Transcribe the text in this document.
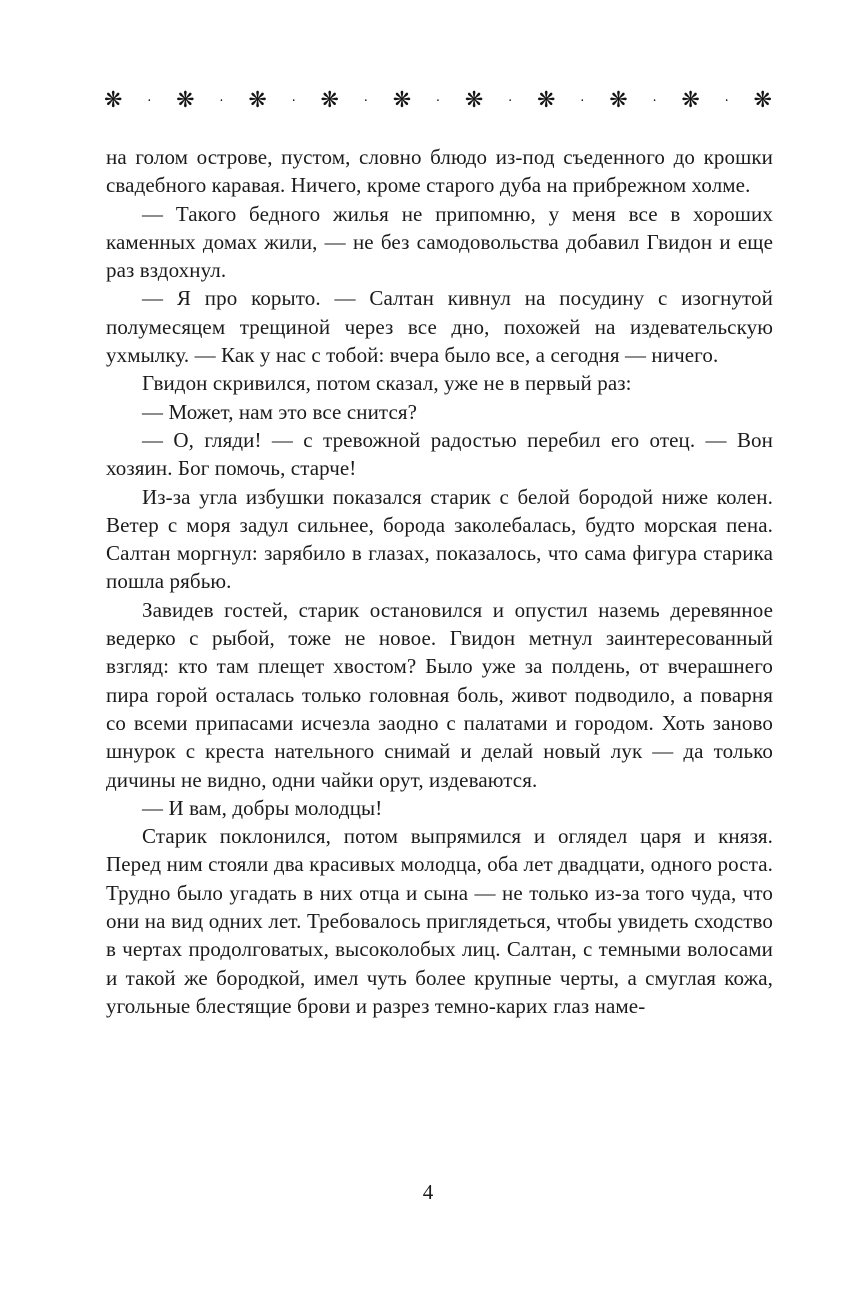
❋ · ❋ · ❋ · ❋ · ❋ · ❋ · ❋ · ❋ · ❋ · ❋

на голом острове, пустом, словно блюдо из-под съеденного до крошки свадебного каравая. Ничего, кроме старого дуба на прибрежном холме.

— Такого бедного жилья не припомню, у меня все в хороших каменных домах жили, — не без самодовольства добавил Гвидон и еще раз вздохнул.

— Я про корыто. — Салтан кивнул на посудину с изогнутой полумесяцем трещиной через все дно, похожей на издевательскую ухмылку. — Как у нас с тобой: вчера было все, а сегодня — ничего.

Гвидон скривился, потом сказал, уже не в первый раз:

— Может, нам это все снится?

— О, гляди! — с тревожной радостью перебил его отец. — Вон хозяин. Бог помочь, старче!

Из-за угла избушки показался старик с белой бородой ниже колен. Ветер с моря задул сильнее, борода заколебалась, будто морская пена. Салтан моргнул: зарябило в глазах, показалось, что сама фигура старика пошла рябью.

Завидев гостей, старик остановился и опустил наземь деревянное ведерко с рыбой, тоже не новое. Гвидон метнул заинтересованный взгляд: кто там плещет хвостом? Было уже за полдень, от вчерашнего пира горой осталась только головная боль, живот подводило, а поварня со всеми припасами исчезла заодно с палатами и городом. Хоть заново шнурок с креста нательного снимай и делай новый лук — да только дичины не видно, одни чайки орут, издеваются.

— И вам, добры молодцы!

Старик поклонился, потом выпрямился и оглядел царя и князя. Перед ним стояли два красивых молодца, оба лет двадцати, одного роста. Трудно было угадать в них отца и сына — не только из-за того чуда, что они на вид одних лет. Требовалось приглядеться, чтобы увидеть сходство в чертах продолговатых, высоколобых лиц. Салтан, с темными волосами и такой же бородкой, имел чуть более крупные черты, а смуглая кожа, угольные блестящие брови и разрез темно-карих глаз наме-

4
